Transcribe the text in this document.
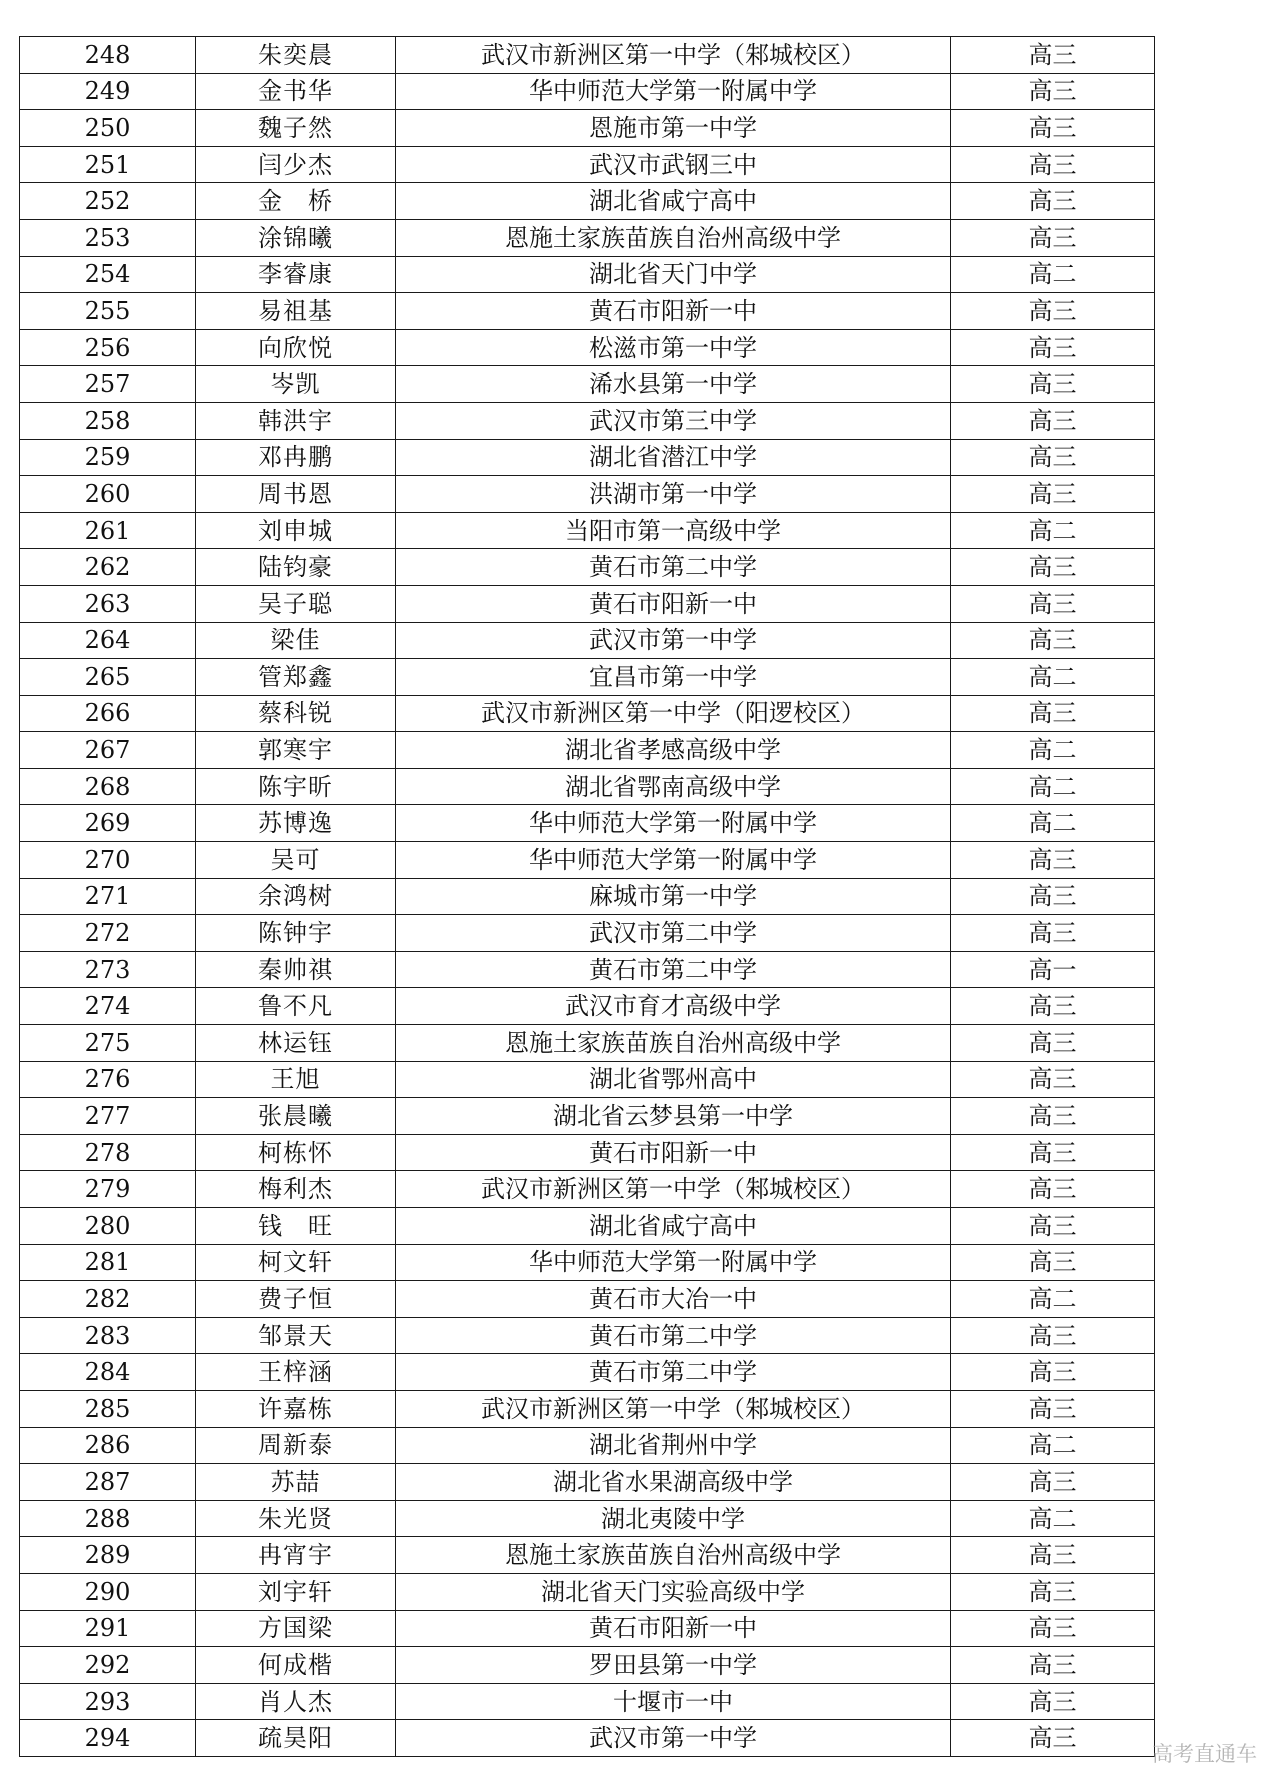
248	朱奕晨	武汉市新洲区第一中学（邾城校区）	高三
249	金书华	华中师范大学第一附属中学	高三
250	魏子然	恩施市第一中学	高三
251	闫少杰	武汉市武钢三中	高三
252	金　桥	湖北省咸宁高中	高三
253	涂锦曦	恩施土家族苗族自治州高级中学	高三
254	李睿康	湖北省天门中学	高二
255	易祖基	黄石市阳新一中	高三
256	向欣悦	松滋市第一中学	高三
257	岑凯	浠水县第一中学	高三
258	韩洪宇	武汉市第三中学	高三
259	邓冉鹏	湖北省潜江中学	高三
260	周书恩	洪湖市第一中学	高三
261	刘申城	当阳市第一高级中学	高二
262	陆钧豪	黄石市第二中学	高三
263	吴子聪	黄石市阳新一中	高三
264	梁佳	武汉市第一中学	高三
265	管郑鑫	宜昌市第一中学	高二
266	蔡科锐	武汉市新洲区第一中学（阳逻校区）	高三
267	郭寒宇	湖北省孝感高级中学	高二
268	陈宇昕	湖北省鄂南高级中学	高二
269	苏博逸	华中师范大学第一附属中学	高二
270	吴可	华中师范大学第一附属中学	高三
271	余鸿树	麻城市第一中学	高三
272	陈钟宇	武汉市第二中学	高三
273	秦帅祺	黄石市第二中学	高一
274	鲁不凡	武汉市育才高级中学	高三
275	林运钰	恩施土家族苗族自治州高级中学	高三
276	王旭	湖北省鄂州高中	高三
277	张晨曦	湖北省云梦县第一中学	高三
278	柯栋怀	黄石市阳新一中	高三
279	梅利杰	武汉市新洲区第一中学（邾城校区）	高三
280	钱　旺	湖北省咸宁高中	高三
281	柯文轩	华中师范大学第一附属中学	高三
282	费子恒	黄石市大冶一中	高二
283	邹景天	黄石市第二中学	高三
284	王梓涵	黄石市第二中学	高三
285	许嘉栋	武汉市新洲区第一中学（邾城校区）	高三
286	周新泰	湖北省荆州中学	高二
287	苏喆	湖北省水果湖高级中学	高三
288	朱光贤	湖北夷陵中学	高二
289	冉宵宇	恩施土家族苗族自治州高级中学	高三
290	刘宇轩	湖北省天门实验高级中学	高三
291	方国梁	黄石市阳新一中	高三
292	何成楷	罗田县第一中学	高三
293	肖人杰	十堰市一中	高三
294	疏昊阳	武汉市第一中学	高三
高考直通车
